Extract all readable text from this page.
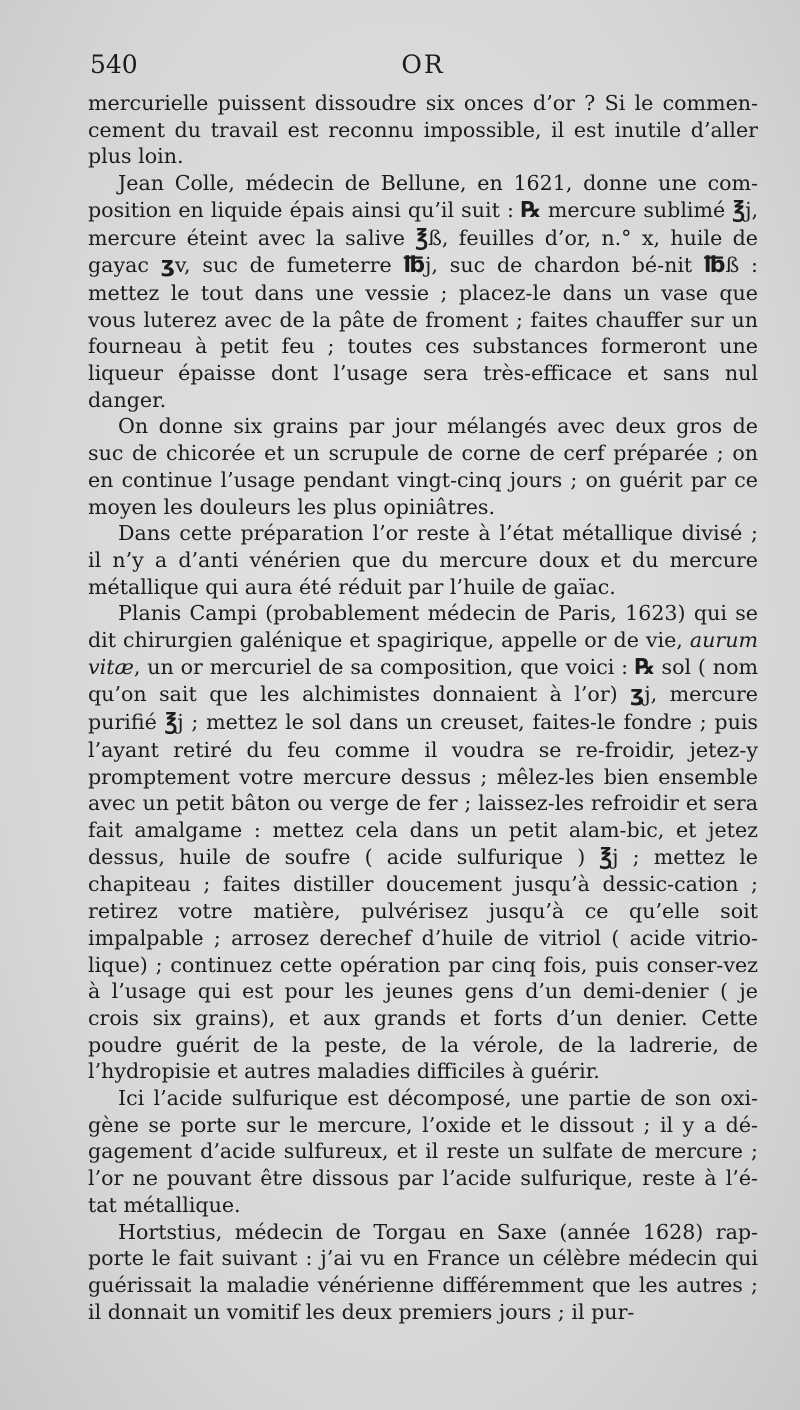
540	OR

mercurielle puissent dissoudre six onces d’or ? Si le commen-cement du travail est reconnu impossible, il est inutile d’aller plus loin.

Jean Colle, médecin de Bellune, en 1621, donne une com-position en liquide épais ainsi qu’il suit : ℞ mercure sublimé ℥j, mercure éteint avec la salive ℥ß, feuilles d’or, n.° x, huile de gayac ʒv, suc de fumeterre ℔j, suc de chardon bé-nit ℔ß : mettez le tout dans une vessie ; placez-le dans un vase que vous luterez avec de la pâte de froment ; faites chauffer sur un fourneau à petit feu ; toutes ces substances formeront une liqueur épaisse dont l’usage sera très-efficace et sans nul danger.

On donne six grains par jour mélangés avec deux gros de suc de chicorée et un scrupule de corne de cerf préparée ; on en continue l’usage pendant vingt-cinq jours ; on guérit par ce moyen les douleurs les plus opiniâtres.

Dans cette préparation l’or reste à l’état métallique divisé ; il n’y a d’anti vénérien que du mercure doux et du mercure métallique qui aura été réduit par l’huile de gaïac.

Planis Campi (probablement médecin de Paris, 1623) qui se dit chirurgien galénique et spagirique, appelle or de vie, aurum vitæ, un or mercuriel de sa composition, que voici : ℞ sol ( nom qu’on sait que les alchimistes donnaient à l’or) ʒj, mercure purifié ℥j ; mettez le sol dans un creuset, faites-le fondre ; puis l’ayant retiré du feu comme il voudra se re-froidir, jetez-y promptement votre mercure dessus ; mêlez-les bien ensemble avec un petit bâton ou verge de fer ; laissez-les refroidir et sera fait amalgame : mettez cela dans un petit alam-bic, et jetez dessus, huile de soufre ( acide sulfurique ) ℥j ; mettez le chapiteau ; faites distiller doucement jusqu’à dessic-cation ; retirez votre matière, pulvérisez jusqu’à ce qu’elle soit impalpable ; arrosez derechef d’huile de vitriol ( acide vitrio-lique) ; continuez cette opération par cinq fois, puis conser-vez à l’usage qui est pour les jeunes gens d’un demi-denier ( je crois six grains), et aux grands et forts d’un denier. Cette poudre guérit de la peste, de la vérole, de la ladrerie, de l’hydropisie et autres maladies difficiles à guérir.

Ici l’acide sulfurique est décomposé, une partie de son oxi-gène se porte sur le mercure, l’oxide et le dissout ; il y a dé-gagement d’acide sulfureux, et il reste un sulfate de mercure ; l’or ne pouvant être dissous par l’acide sulfurique, reste à l’é-tat métallique.

Hortstius, médecin de Torgau en Saxe (année 1628) rap-porte le fait suivant : j’ai vu en France un célèbre médecin qui guérissait la maladie vénérienne différemment que les autres ; il donnait un vomitif les deux premiers jours ; il pur-
